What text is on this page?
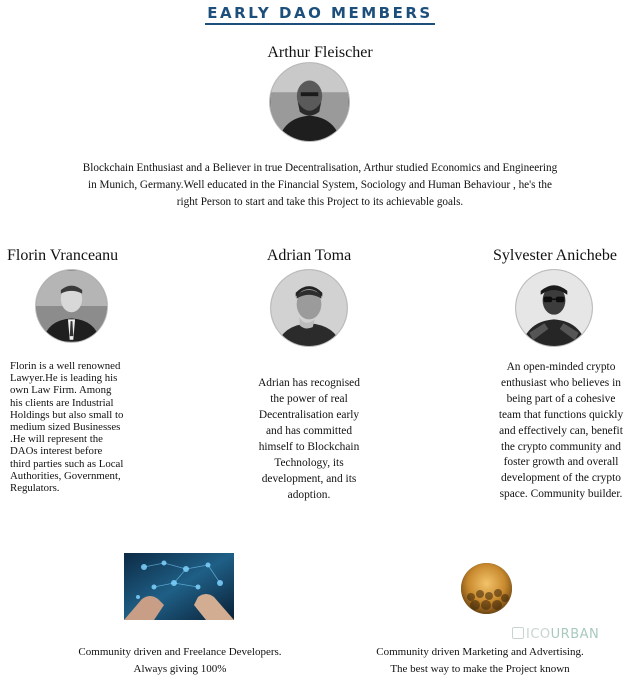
EARLY DAO MEMBERS
Arthur Fleischer
Blockchain Enthusiast and a Believer in true Decentralisation, Arthur studied Economics and Engineering
in Munich, Germany.Well educated in the Financial System, Sociology and Human Behaviour , he's the
right Person to start and take this Project to its achievable goals.
Florin Vranceanu
Florin is a well renowned
Lawyer.He is leading his
own Law Firm. Among
his clients are Industrial
Holdings but also small to
medium sized Businesses
.He will represent the
DAOs interest before
third parties such as Local
Authorities, Government,
Regulators.
Adrian Toma
Adrian has recognised
the power of real
Decentralisation early
and has committed
himself to Blockchain
Technology, its
development, and its
adoption.
Sylvester Anichebe
An open-minded crypto
enthusiast who believes in
being part of a cohesive
team that functions quickly
and effectively can, benefit
the crypto community and
foster growth and overall
development of the crypto
space. Community builder.
Community driven and Freelance Developers.
Always giving 100%
Community driven Marketing and Advertising.
The best way to make the Project known
ICOURBAN
